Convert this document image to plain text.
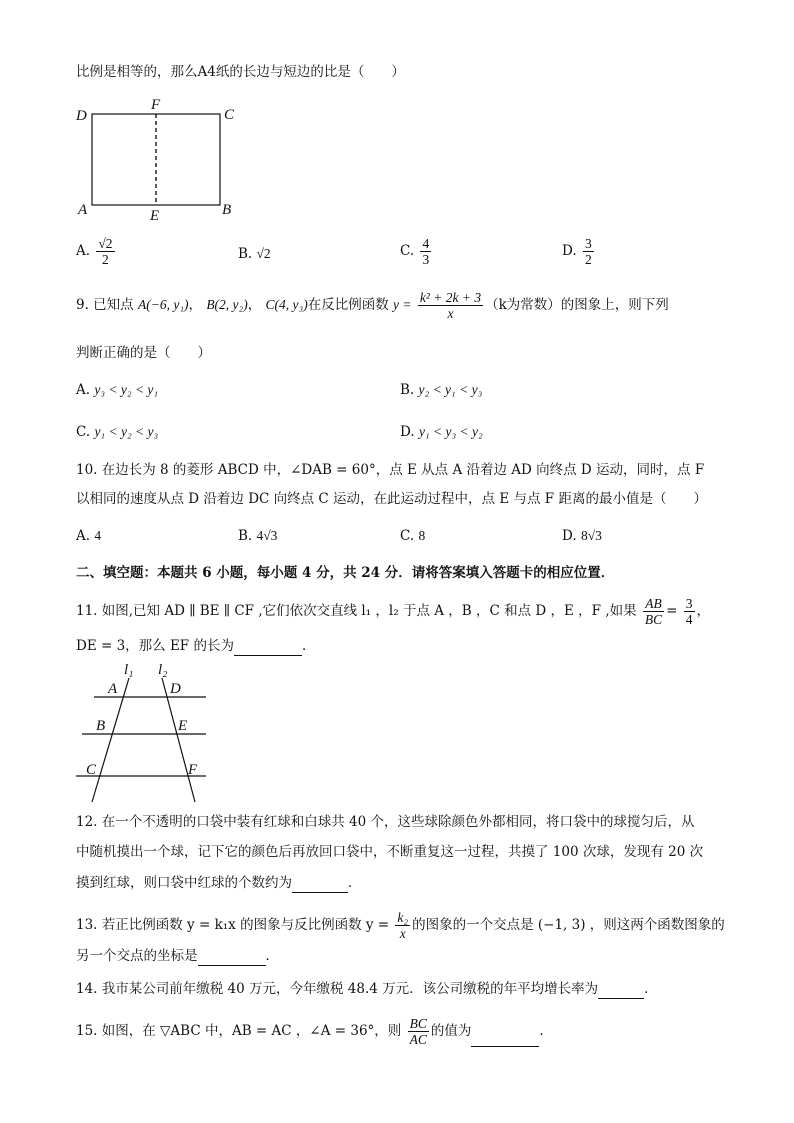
比例是相等的，那么A4纸的长边与短边的比是（　　）
D
F
C
A	E	B
A. $\frac{√2}{2}$	B. √2	C. $\frac{4}{3}$	D. $\frac{3}{2}$
9. 已知点 A(−6, y₁)， B(2, y₂)， C(4, y₃)在反比例函数 $y = \frac{\text{k² + 2k + 3}}{x} (k$为常数）的图象上，则下列
判断正确的是（　　）
A. y₃ < y₂ < y₁	B. y₂ < y₁ < y₃
C. y₁ < y₂ < y₃	D. y₁ < y₃ < y₂
10. 在边长为 8 的菱形 ABCD 中，∠DAB = 60°，点 E 从点 A 沿着边 AD 向终点 D 运动，同时，点 F
以相同的速度从点 D 沿着边 DC 向终点 C 运动，在此运动过程中，点 E 与点 F 距离的最小值是（　　）
A. 4	B. 4√3	C. 8	D. 8√3
二、填空题：本题共 6 小题，每小题 4 分，共 24 分．请将答案填入答题卡的相应位置．
11. 如图,已知 AD ∥ BE ∥ CF ,它们依次交直线 l₁ ，l₂ 于点 A ，B ，C 和点 D ，E ，F ,如果 $\frac{AB}{BC} = \frac{3}{4}$ ，
DE = 3，那么 EF 的长为	．
l₁ l₂
A	D
B	E
C	F
12. 在一个不透明的口袋中装有红球和白球共 40 个，这些球除颜色外都相同，将口袋中的球搅匀后，从
中随机摸出一个球，记下它的颜色后再放回口袋中，不断重复这一过程，共摸了 100 次球，发现有 20 次
摸到红球，则口袋中红球的个数约为	．
13. 若正比例函数 y = k₁x 的图象与反比例函数 $y = \frac{\text{k₂}}{x}$ 的图象的一个交点是 (−1, 3) ，则这两个函数图象的
另一个交点的坐标是	．
14. 我市某公司前年缴税 40 万元，今年缴税 48.4 万元．该公司缴税的年平均增长率为	．
15. 如图，在 ▽ABC 中，AB = AC ，∠A = 36°，则 $\frac{BC}{AC}$ 的值为	．
